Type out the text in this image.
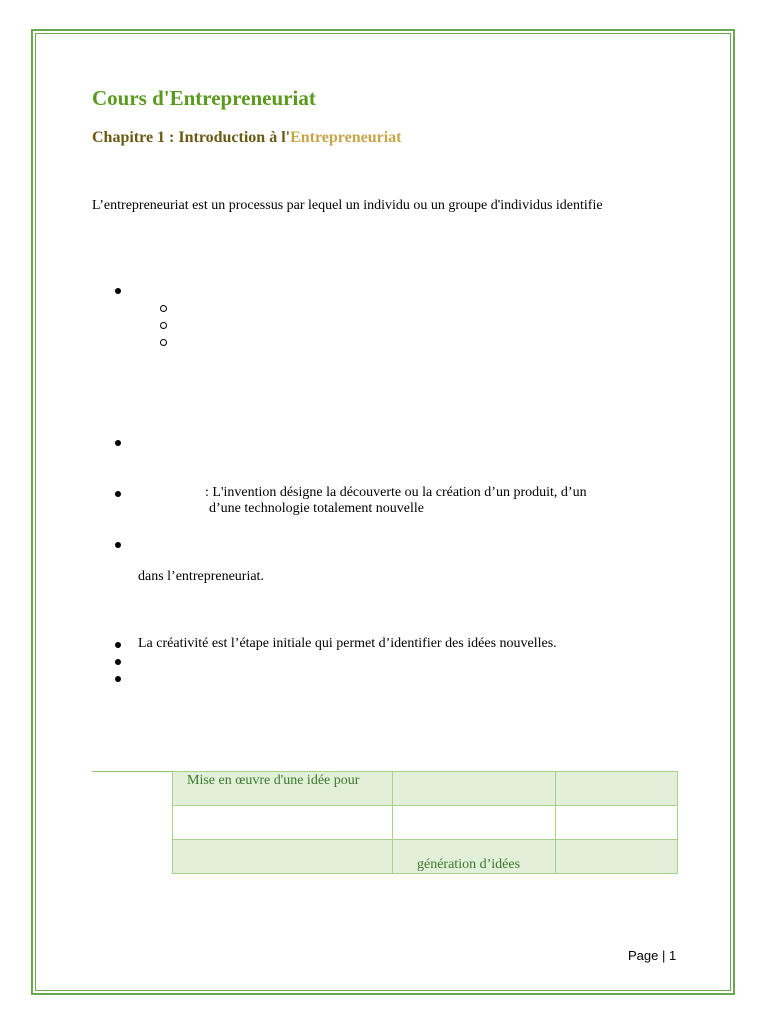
Cours d'Entrepreneuriat
Chapitre 1 : Introduction à l'Entrepreneuriat
L’entrepreneuriat est un processus par lequel un individu ou un groupe d'individus identifie
: L'invention désigne la découverte ou la création d’un produit, d’un
d’une technologie totalement nouvelle
dans l’entrepreneuriat.
La créativité est l’étape initiale qui permet d’identifier des idées nouvelles.
Mise en œuvre d'une idée pour		

	génération d’idées	
Page | 1
